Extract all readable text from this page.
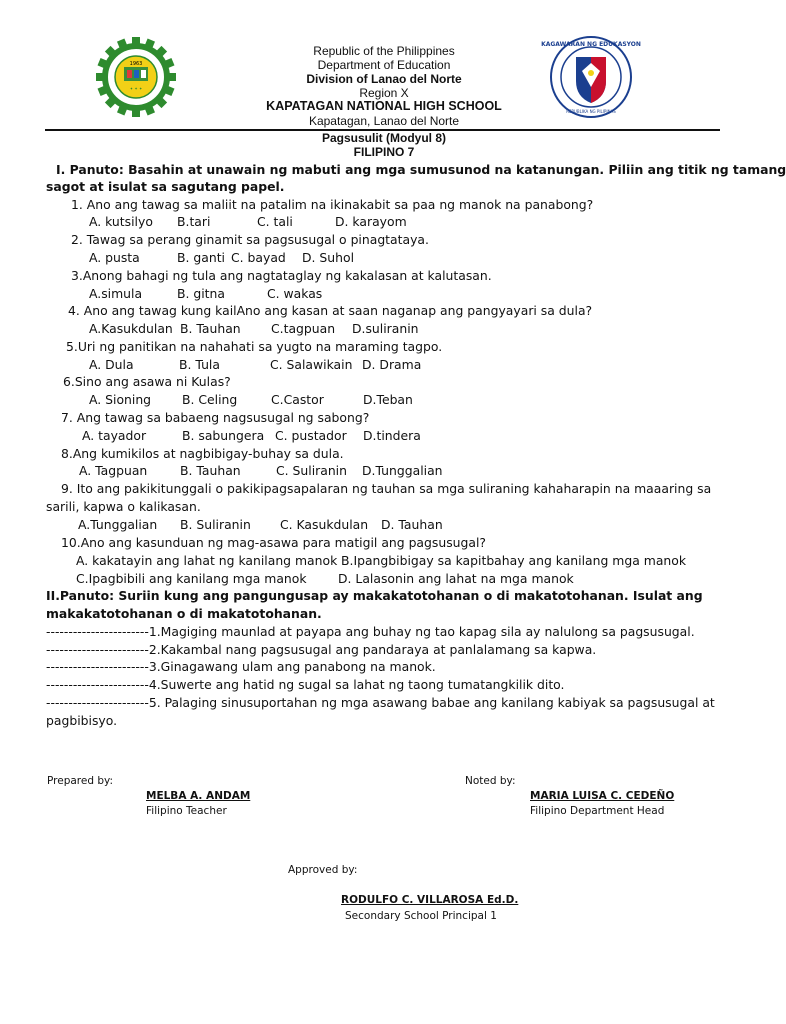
1963
✦ ✦ ✦
KAGAWARAN NG EDUKASYON
REPUBLIKA NG PILIPINAS
Republic of the Philippines
Department of Education
Division of Lanao del Norte
Region X
KAPATAGAN NATIONAL HIGH SCHOOL
Kapatagan, Lanao del Norte
Pagsusulit (Modyul 8)
FILIPINO 7
I. Panuto: Basahin at unawain ng mabuti ang mga sumusunod na katanungan. Piliin ang titik ng tamang
sagot at isulat sa sagutang papel.
1. Ano ang tawag sa maliit na patalim na ikinakabit sa paa ng manok na panabong?
A. kutsilyo B.tari	C. tali	D. karayom
2. Tawag sa perang ginamit sa pagsusugal o pinagtataya.
A. pusta	B. ganti C. bayad D. Suhol
3.Anong bahagi ng tula ang nagtataglay ng kakalasan at kalutasan.
A.simula	B. gitna	C. wakas
4. Ano ang tawag kung kailAno ang kasan at saan naganap ang pangyayari sa dula?
A.Kasukdulan B. Tauhan C.tagpuan D.suliranin
5.Uri ng panitikan na nahahati sa yugto na maraming tagpo.
A. Dula	B. Tula	C. Salawikain D. Drama
6.Sino ang asawa ni Kulas?
A. Sioning B. Celing	C.Castor	D.Teban
7. Ang tawag sa babaeng nagsusugal ng sabong?
A. tayador	B. sabungera C. pustador D.tindera
8.Ang kumikilos at nagbibigay-buhay sa dula.
A. Tagpuan	B. Tauhan	C. Suliranin D.Tunggalian
9. Ito ang pakikitunggali o pakikipagsapalaran ng tauhan sa mga suliraning kahaharapin na maaaring sa
sarili, kapwa o kalikasan.
A.Tunggalian B. Suliranin C. Kasukdulan D. Tauhan
10.Ano ang kasunduan ng mag-asawa para matigil ang pagsusugal?
A. kakatayin ang lahat ng kanilang manok B.Ipangbibigay sa kapitbahay ang kanilang mga manok
C.Ipagbibili ang kanilang mga manok	D. Lalasonin ang lahat na mga manok
II.Panuto: Suriin kung ang pangungusap ay makakatotohanan o di makatotohanan. Isulat ang
makakatotohanan o di makatotohanan.
-----------------------1.Magiging maunlad at payapa ang buhay ng tao kapag sila ay nalulong sa pagsusugal.
-----------------------2.Kakambal nang pagsusugal ang pandaraya at panlalamang sa kapwa.
-----------------------3.Ginagawang ulam ang panabong na manok.
-----------------------4.Suwerte ang hatid ng sugal sa lahat ng taong tumatangkilik dito.
-----------------------5. Palaging sinusuportahan ng mga asawang babae ang kanilang kabiyak sa pagsusugal at
pagbibisyo.
Prepared by:
MELBA A. ANDAM
Filipino Teacher
Noted by:
MARIA LUISA C. CEDEÑO
Filipino Department Head
Approved by:
RODULFO C. VILLAROSA Ed.D.
Secondary School Principal 1
